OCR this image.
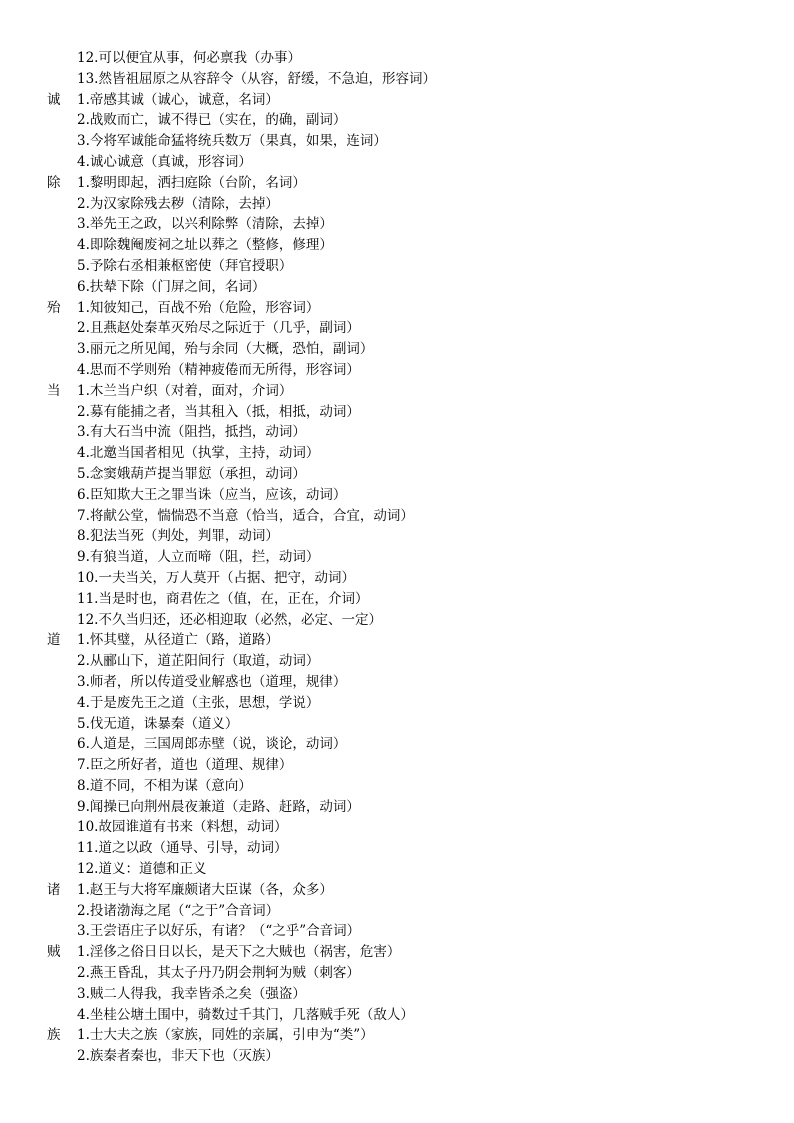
12.可以便宜从事，何必禀我（办事）
13.然皆祖屈原之从容辞令（从容，舒缓，不急迫，形容词）
诚	1.帝感其诚（诚心，诚意，名词）
2.战败而亡，诚不得已（实在，的确，副词）
3.今将军诚能命猛将统兵数万（果真，如果，连词）
4.诚心诚意（真诚，形容词）
除	1.黎明即起，洒扫庭除（台阶，名词）
2.为汉家除残去秽（清除，去掉）
3.举先王之政，以兴利除弊（清除，去掉）
4.即除魏阉废祠之址以葬之（整修，修理）
5.予除右丞相兼枢密使（拜官授职）
6.扶辇下除（门屏之间，名词）
殆	1.知彼知己，百战不殆（危险，形容词）
2.且燕赵处秦革灭殆尽之际近于（几乎，副词）
3.丽元之所见闻，殆与余同（大概，恐怕，副词）
4.思而不学则殆（精神疲倦而无所得，形容词）
当	1.木兰当户织（对着，面对，介词）
2.募有能捕之者，当其租入（抵，相抵，动词）
3.有大石当中流（阻挡，抵挡，动词）
4.北邀当国者相见（执掌，主持，动词）
5.念窦娥葫芦提当罪愆（承担，动词）
6.臣知欺大王之罪当诛（应当，应该，动词）
7.将献公堂，惴惴恐不当意（恰当，适合，合宜，动词）
8.犯法当死（判处，判罪，动词）
9.有狼当道，人立而啼（阻，拦，动词）
10.一夫当关，万人莫开（占据、把守，动词）
11.当是时也，商君佐之（值，在，正在，介词）
12.不久当归还，还必相迎取（必然，必定、一定）
道	1.怀其璧，从径道亡（路，道路）
2.从郦山下，道芷阳间行（取道，动词）
3.师者，所以传道受业解惑也（道理，规律）
4.于是废先王之道（主张，思想，学说）
5.伐无道，诛暴秦（道义）
6.人道是，三国周郎赤壁（说，谈论，动词）
7.臣之所好者，道也（道理、规律）
8.道不同，不相为谋（意向）
9.闻操已向荆州晨夜兼道（走路、赶路，动词）
10.故园谁道有书来（料想，动词）
11.道之以政（通导、引导，动词）
12.道义：道德和正义
诸	1.赵王与大将军廉颇诸大臣谋（各，众多）
2.投诸渤海之尾（“之于”合音词）
3.王尝语庄子以好乐，有诸？（“之乎”合音词）
贼	1.淫侈之俗日日以长，是天下之大贼也（祸害，危害）
2.燕王昏乱，其太子丹乃阴会荆轲为贼（刺客）
3.贼二人得我，我幸皆杀之矣（强盗）
4.坐桂公塘土围中，骑数过千其门，几落贼手死（敌人）
族	1.士大夫之族（家族，同姓的亲属，引申为“类”）
2.族秦者秦也，非天下也（灭族）
